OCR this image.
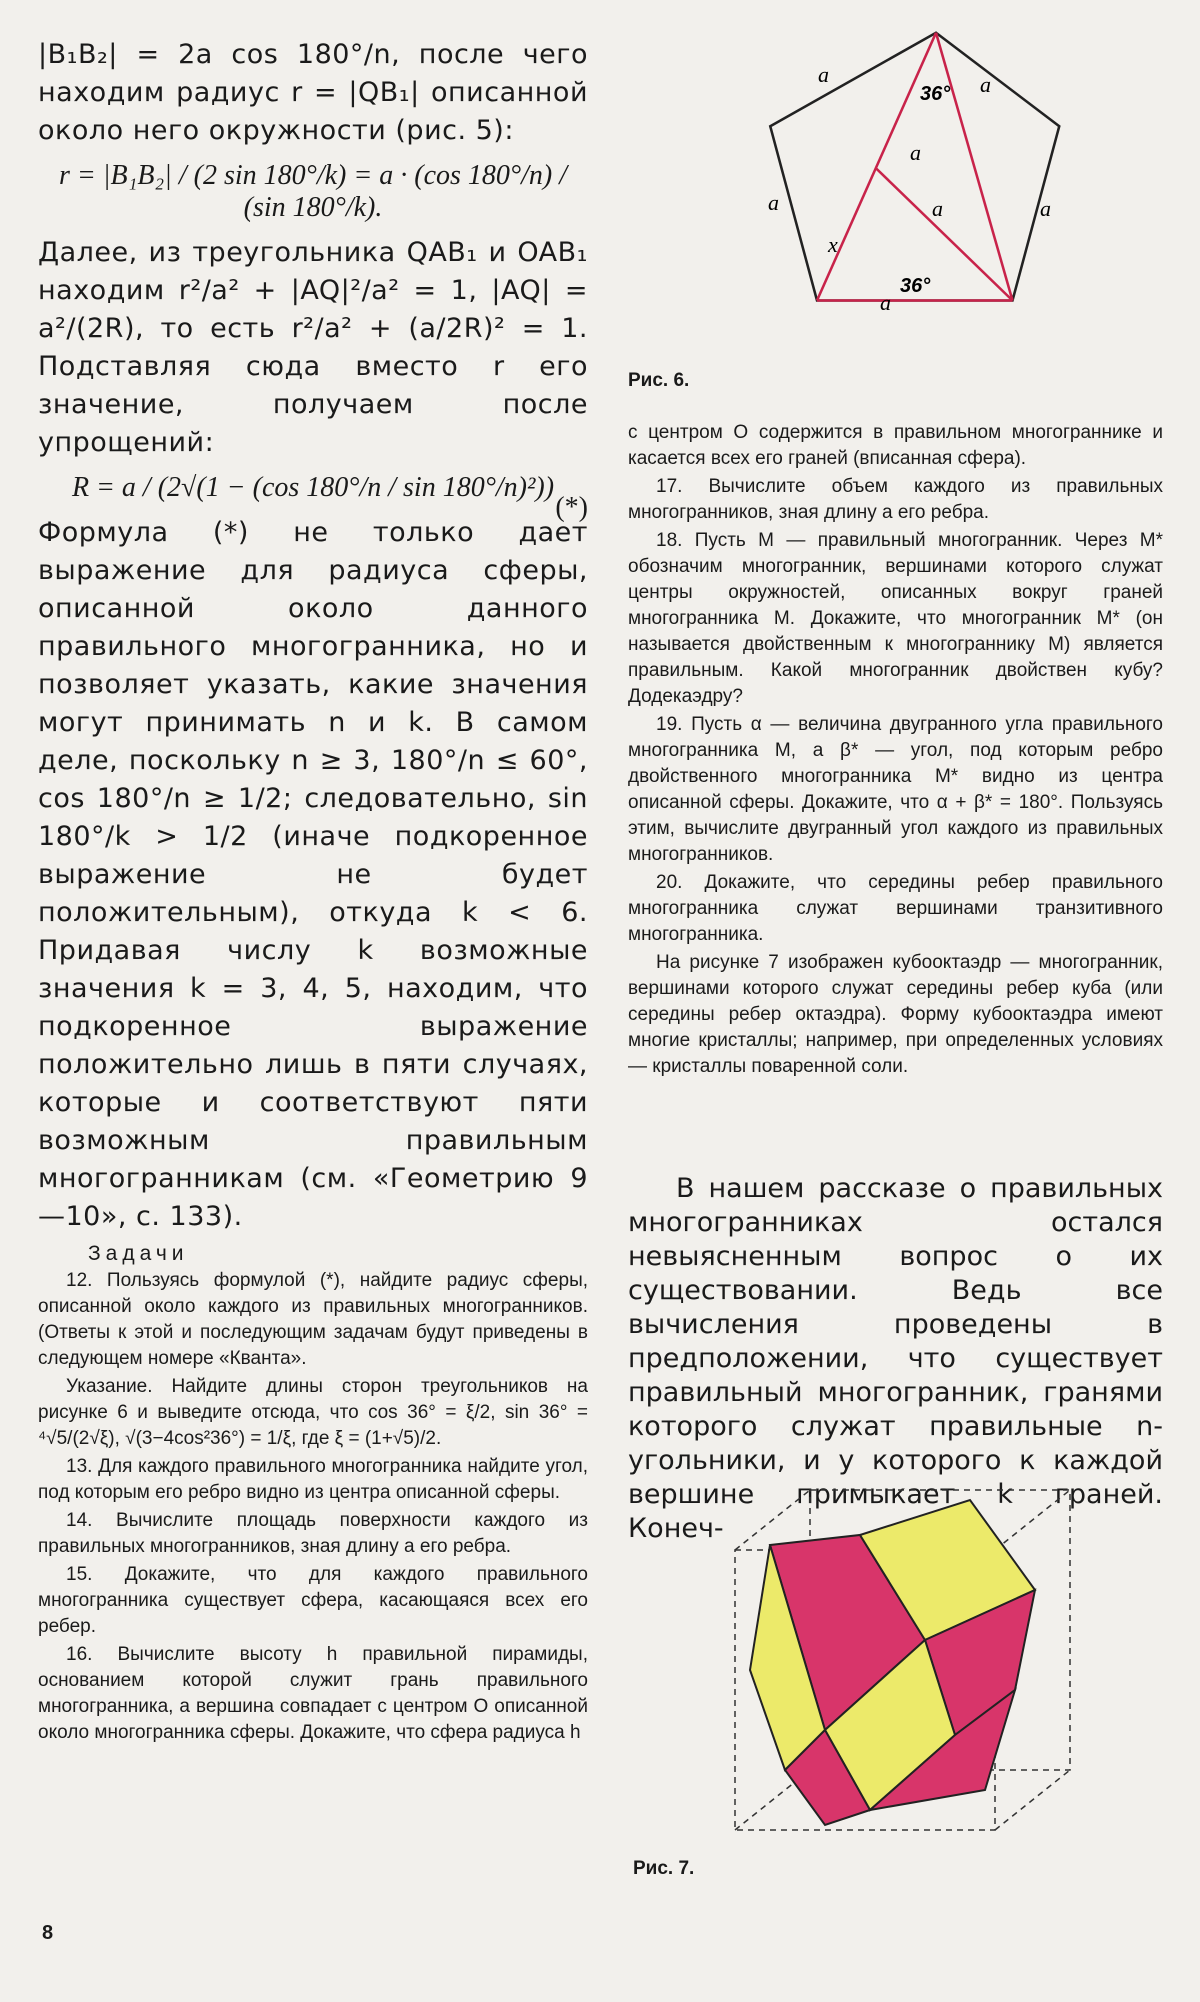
|B₁B₂| = 2a cos 180°/n, после чего находим радиус r = |QB₁| описанной около него окружности (рис. 5):

r = |B₁B₂| / (2 sin 180°/k) = a · (cos 180°/n) / (sin 180°/k).

Далее, из треугольника QAB₁ и OAB₁ находим r²/a² + |AQ|²/a² = 1, |AQ| = a²/(2R), то есть r²/a² + (a/2R)² = 1. Подставляя сюда вместо r его значение, получаем после упрощений:

R = a / (2√(1 − (cos 180°/n / sin 180°/n)²))
(*)

Формула (*) не только дает выражение для радиуса сферы, описанной около данного правильного многогранника, но и позволяет указать, какие значения могут принимать n и k. В самом деле, поскольку n ≥ 3, 180°/n ≤ 60°, cos 180°/n ≥ 1/2; следовательно, sin 180°/k > 1/2 (иначе подкоренное выражение не будет положительным), откуда k < 6. Придавая числу k возможные значения k = 3, 4, 5, находим, что подкоренное выражение положительно лишь в пяти случаях, которые и соответствуют пяти возможным правильным многогранникам (см. «Геометрию 9—10», с. 133).

Задачи

12. Пользуясь формулой (*), найдите радиус сферы, описанной около каждого из правильных многогранников. (Ответы к этой и последующим задачам будут приведены в следующем номере «Кванта».

Указание. Найдите длины сторон треугольников на рисунке 6 и выведите отсюда, что cos 36° = ξ/2, sin 36° = ⁴√5/(2√ξ), √(3−4cos²36°) = 1/ξ, где ξ = (1+√5)/2.

13. Для каждого правильного многогранника найдите угол, под которым его ребро видно из центра описанной сферы.

14. Вычислите площадь поверхности каждого из правильных многогранников, зная длину a его ребра.

15. Докажите, что для каждого правильного многогранника существует сфера, касающаяся всех его ребер.

16. Вычислите высоту h правильной пирамиды, основанием которой служит грань правильного многогранника, а вершина совпадает с центром O описанной около многогранника сферы. Докажите, что сфера радиуса h

a	a
a
a	a	a
a
x
36°
36°
Рис. 6.

с центром O содержится в правильном многограннике и касается всех его граней (вписанная сфера).

17. Вычислите объем каждого из правильных многогранников, зная длину a его ребра.

18. Пусть M — правильный многогранник. Через M* обозначим многогранник, вершинами которого служат центры окружностей, описанных вокруг граней многогранника M. Докажите, что многогранник M* (он называется двойственным к многограннику M) является правильным. Какой многогранник двойствен кубу? Додекаэдру?

19. Пусть α — величина двугранного угла правильного многогранника M, а β* — угол, под которым ребро двойственного многогранника M* видно из центра описанной сферы. Докажите, что α + β* = 180°. Пользуясь этим, вычислите двугранный угол каждого из правильных многогранников.

20. Докажите, что середины ребер правильного многогранника служат вершинами транзитивного многогранника.

На рисунке 7 изображен кубооктаэдр — многогранник, вершинами которого служат середины ребер куба (или середины ребер октаэдра). Форму кубооктаэдра имеют многие кристаллы; например, при определенных условиях — кристаллы поваренной соли.

В нашем рассказе о правильных многогранниках остался невыясненным вопрос о их существовании. Ведь все вычисления проведены в предположении, что существует правильный многогранник, гранями которого служат правильные n-угольники, и у которого к каждой вершине примыкает k граней. Конеч-

Рис. 7.
8
